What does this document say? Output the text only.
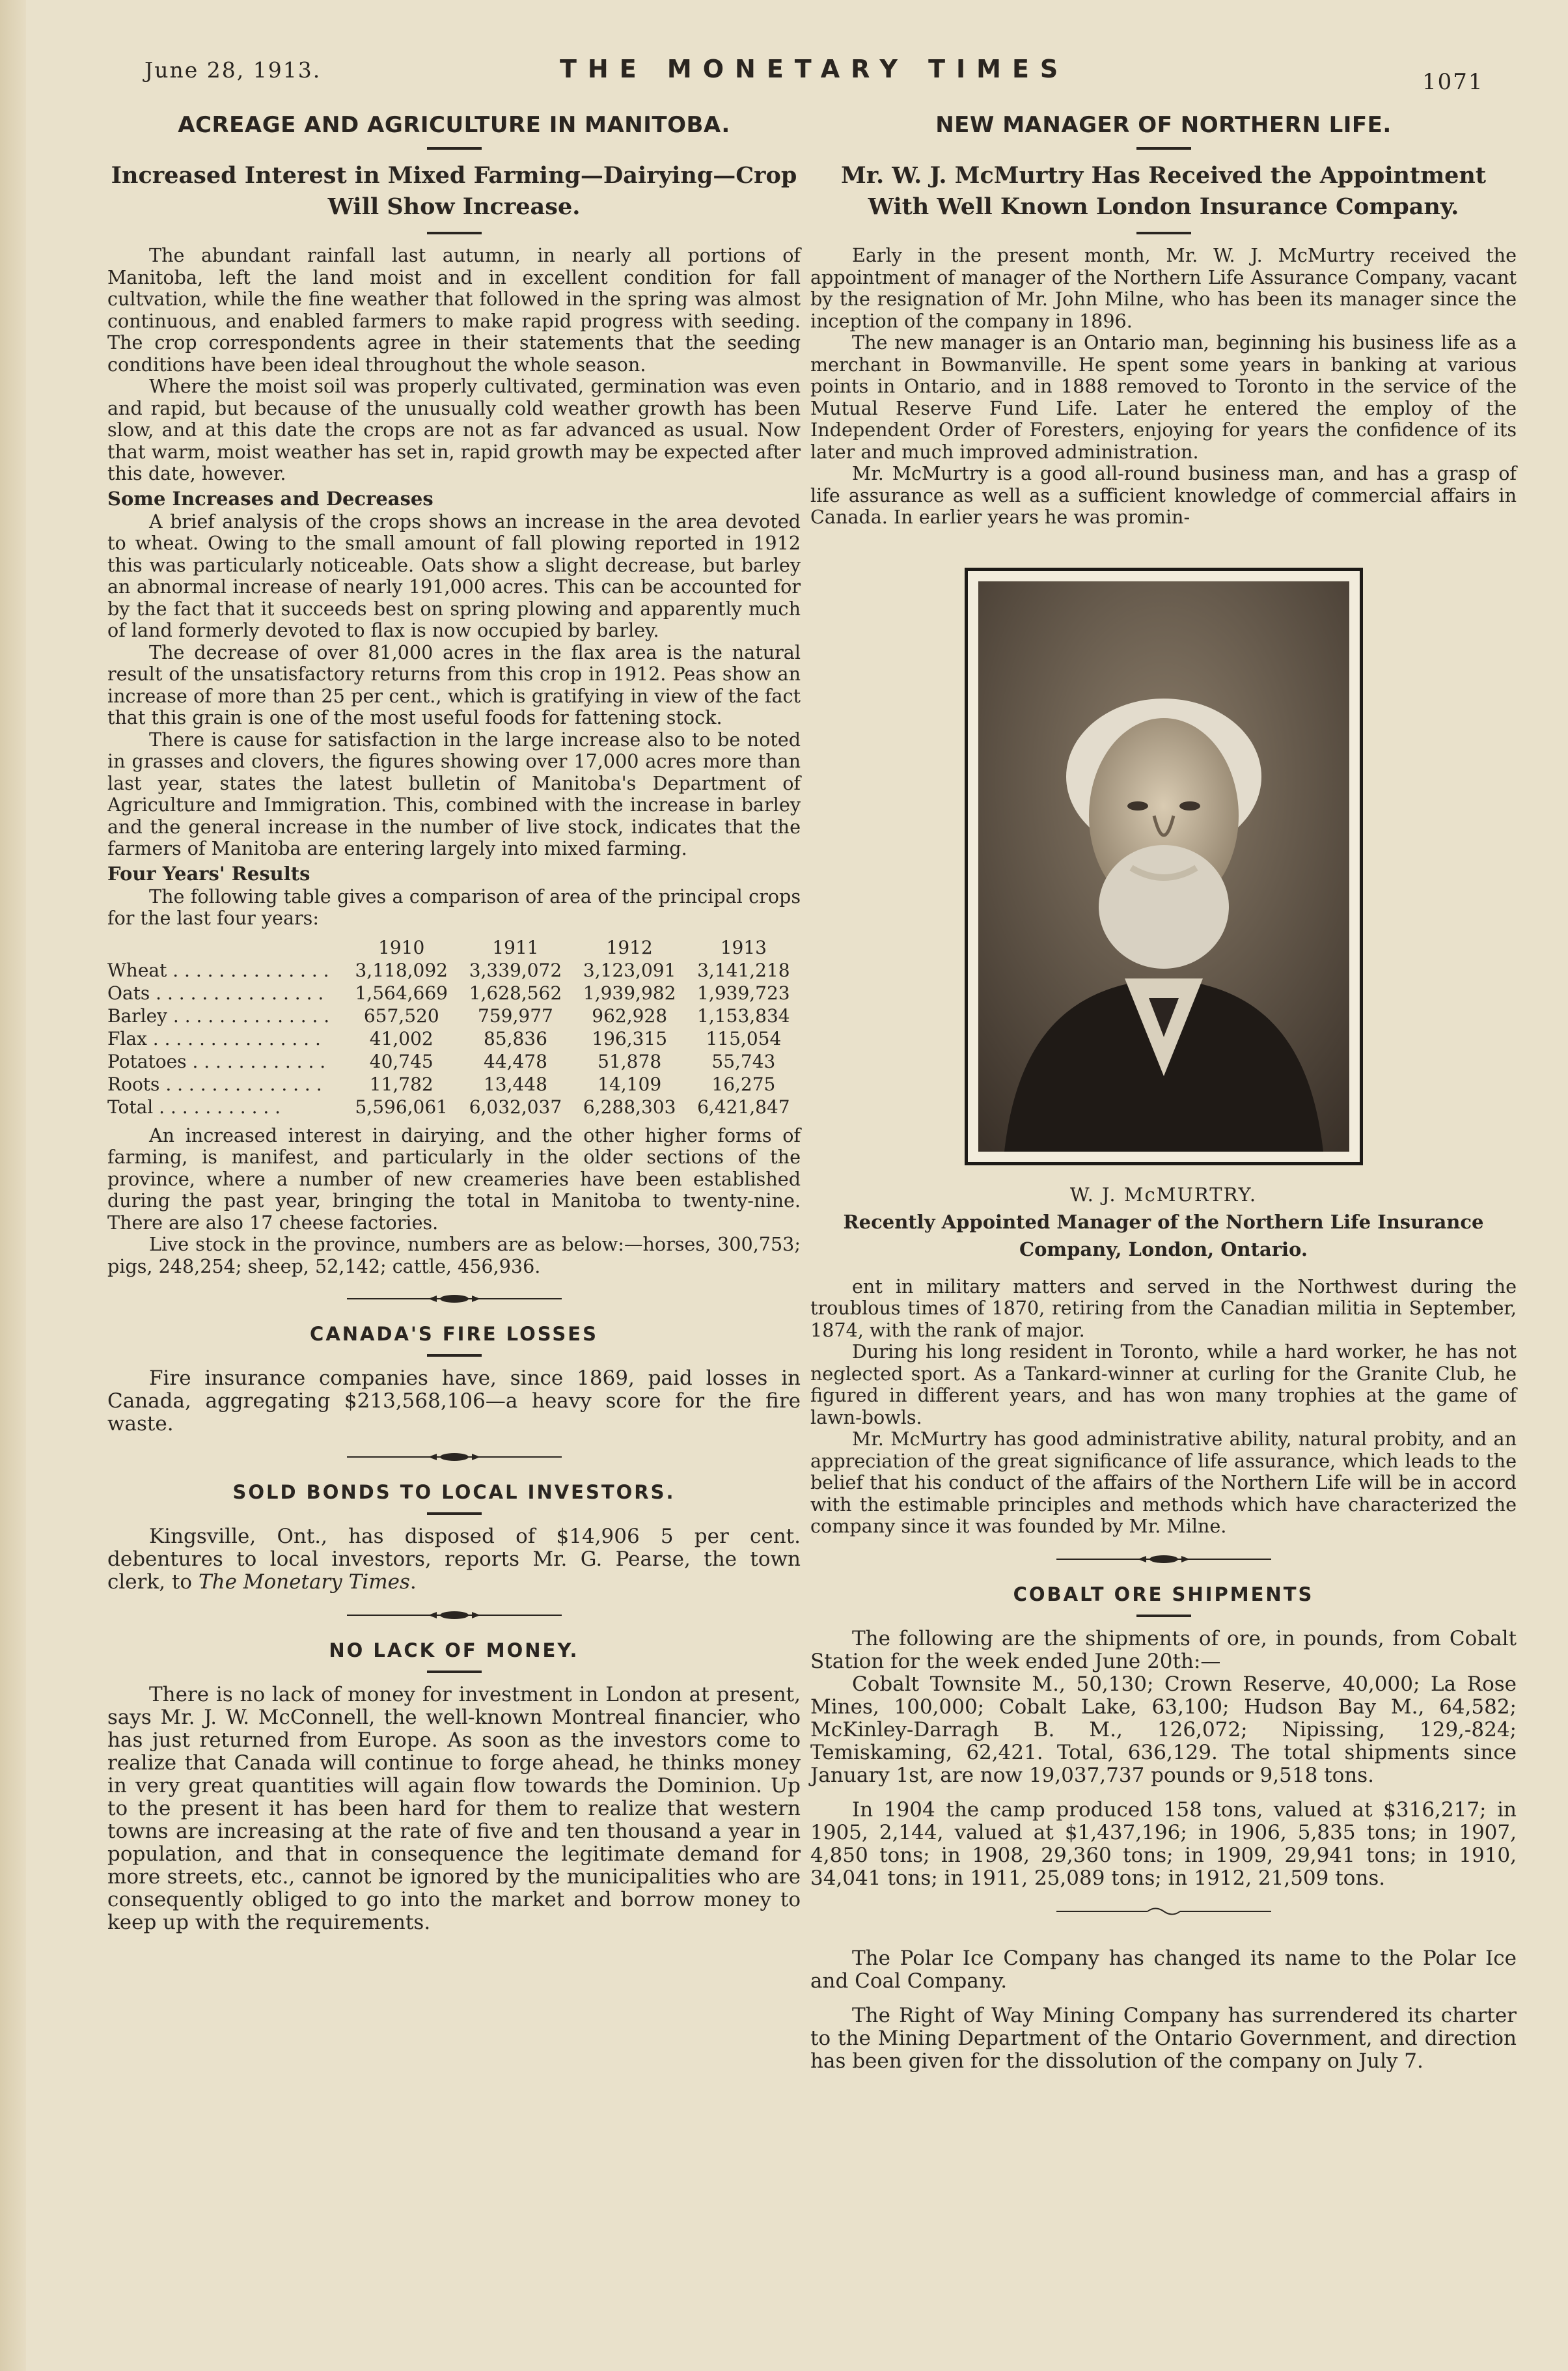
June 28, 1913.	THE MONETARY TIMES	1071
ACREAGE AND AGRICULTURE IN MANITOBA.
Increased Interest in Mixed Farming—Dairying—Crop Will Show Increase.

The abundant rainfall last autumn, in nearly all portions of Manitoba, left the land moist and in excellent condition for fall cultvation, while the fine weather that followed in the spring was almost continuous, and enabled farmers to make rapid progress with seeding. The crop correspondents agree in their statements that the seeding conditions have been ideal throughout the whole season.

Where the moist soil was properly cultivated, germination was even and rapid, but because of the unusually cold weather growth has been slow, and at this date the crops are not as far advanced as usual. Now that warm, moist weather has set in, rapid growth may be expected after this date, however.

Some Increases and Decreases

A brief analysis of the crops shows an increase in the area devoted to wheat. Owing to the small amount of fall plowing reported in 1912 this was particularly noticeable. Oats show a slight decrease, but barley an abnormal increase of nearly 191,000 acres. This can be accounted for by the fact that it succeeds best on spring plowing and apparently much of land formerly devoted to flax is now occupied by barley.

The decrease of over 81,000 acres in the flax area is the natural result of the unsatisfactory returns from this crop in 1912. Peas show an increase of more than 25 per cent., which is gratifying in view of the fact that this grain is one of the most useful foods for fattening stock.

There is cause for satisfaction in the large increase also to be noted in grasses and clovers, the figures showing over 17,000 acres more than last year, states the latest bulletin of Manitoba's Department of Agriculture and Immigration. This, combined with the increase in barley and the general increase in the number of live stock, indicates that the farmers of Manitoba are entering largely into mixed farming.

Four Years' Results

The following table gives a comparison of area of the principal crops for the last four years:

	1910	1911	1912	1913
Wheat . . . . . . . . . . . . . .	3,118,092	3,339,072	3,123,091	3,141,218
Oats . . . . . . . . . . . . . . .	1,564,669	1,628,562	1,939,982	1,939,723
Barley . . . . . . . . . . . . . .	657,520	759,977	962,928	1,153,834
Flax . . . . . . . . . . . . . . .	41,002	85,836	196,315	115,054
Potatoes . . . . . . . . . . . .	40,745	44,478	51,878	55,743
Roots . . . . . . . . . . . . . .	11,782	13,448	14,109	16,275
Total . . . . . . . . . . .	5,596,061	6,032,037	6,288,303	6,421,847

An increased interest in dairying, and the other higher forms of farming, is manifest, and particularly in the older sections of the province, where a number of new creameries have been established during the past year, bringing the total in Manitoba to twenty-nine. There are also 17 cheese factories.

Live stock in the province, numbers are as below:—horses, 300,753; pigs, 248,254; sheep, 52,142; cattle, 456,936.

CANADA'S FIRE LOSSES

Fire insurance companies have, since 1869, paid losses in Canada, aggregating $213,568,106—a heavy score for the fire waste.

SOLD BONDS TO LOCAL INVESTORS.

Kingsville, Ont., has disposed of $14,906 5 per cent. debentures to local investors, reports Mr. G. Pearse, the town clerk, to The Monetary Times.

NO LACK OF MONEY.

There is no lack of money for investment in London at present, says Mr. J. W. McConnell, the well-known Montreal financier, who has just returned from Europe. As soon as the investors come to realize that Canada will continue to forge ahead, he thinks money in very great quantities will again flow towards the Dominion. Up to the present it has been hard for them to realize that western towns are increasing at the rate of five and ten thousand a year in population, and that in consequence the legitimate demand for more streets, etc., cannot be ignored by the municipalities who are consequently obliged to go into the market and borrow money to keep up with the requirements.

NEW MANAGER OF NORTHERN LIFE.
Mr. W. J. McMurtry Has Received the Appointment With Well Known London Insurance Company.

Early in the present month, Mr. W. J. McMurtry received the appointment of manager of the Northern Life Assurance Company, vacant by the resignation of Mr. John Milne, who has been its manager since the inception of the company in 1896.

The new manager is an Ontario man, beginning his business life as a merchant in Bowmanville. He spent some years in banking at various points in Ontario, and in 1888 removed to Toronto in the service of the Mutual Reserve Fund Life. Later he entered the employ of the Independent Order of Foresters, enjoying for years the confidence of its later and much improved administration.

Mr. McMurtry is a good all-round business man, and has a grasp of life assurance as well as a sufficient knowledge of commercial affairs in Canada. In earlier years he was promin-

W. J. McMURTRY.
Recently Appointed Manager of the Northern Life Insurance Company, London, Ontario.

ent in military matters and served in the Northwest during the troublous times of 1870, retiring from the Canadian militia in September, 1874, with the rank of major.

During his long resident in Toronto, while a hard worker, he has not neglected sport. As a Tankard-winner at curling for the Granite Club, he figured in different years, and has won many trophies at the game of lawn-bowls.

Mr. McMurtry has good administrative ability, natural probity, and an appreciation of the great significance of life assurance, which leads to the belief that his conduct of the affairs of the Northern Life will be in accord with the estimable principles and methods which have characterized the company since it was founded by Mr. Milne.

COBALT ORE SHIPMENTS

The following are the shipments of ore, in pounds, from Cobalt Station for the week ended June 20th:—

Cobalt Townsite M., 50,130; Crown Reserve, 40,000; La Rose Mines, 100,000; Cobalt Lake, 63,100; Hudson Bay M., 64,582; McKinley-Darragh B. M., 126,072; Nipissing, 129,-824; Temiskaming, 62,421. Total, 636,129. The total shipments since January 1st, are now 19,037,737 pounds or 9,518 tons.

In 1904 the camp produced 158 tons, valued at $316,217; in 1905, 2,144, valued at $1,437,196; in 1906, 5,835 tons; in 1907, 4,850 tons; in 1908, 29,360 tons; in 1909, 29,941 tons; in 1910, 34,041 tons; in 1911, 25,089 tons; in 1912, 21,509 tons.

The Polar Ice Company has changed its name to the Polar Ice and Coal Company.

The Right of Way Mining Company has surrendered its charter to the Mining Department of the Ontario Government, and direction has been given for the dissolution of the company on July 7.
